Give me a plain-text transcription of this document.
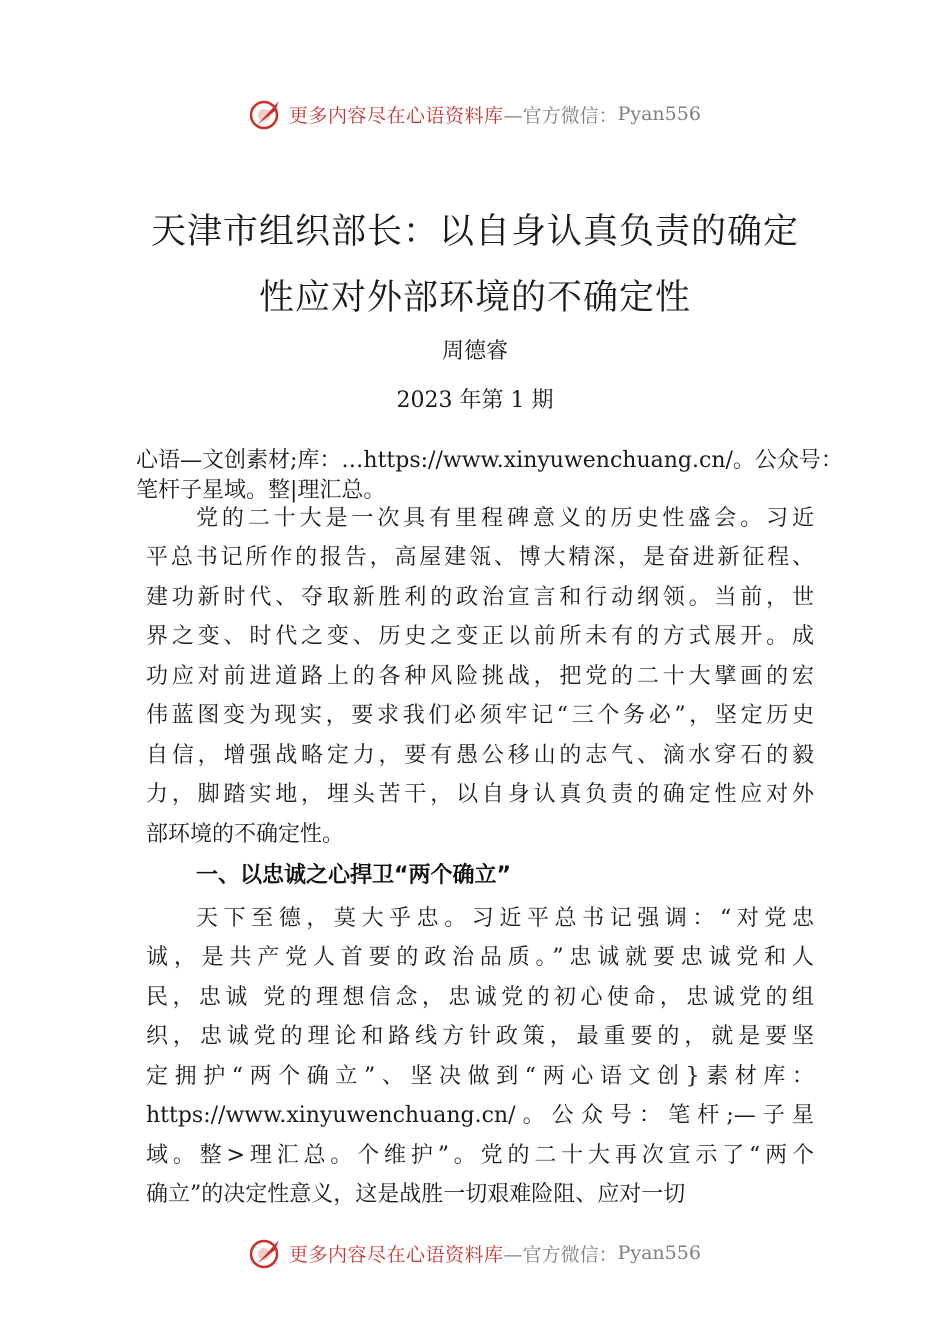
更多内容尽在心语资料库 —官方微信： Pyan556
天津市组织部长：以自身认真负责的确定
性应对外部环境的不确定性
周德睿
2023 年第 1 期
心语—文创素材;库：…https://www.xinyuwenchuang.cn/。公众号：笔杆子星域。整|理汇总。
党的二十大是一次具有里程碑意义的历史性盛会。习近
平总书记所作的报告，高屋建瓴、博大精深，是奋进新征程、
建功新时代、夺取新胜利的政治宣言和行动纲领。当前，世
界之变、时代之变、历史之变正以前所未有的方式展开。成
功应对前进道路上的各种风险挑战，把党的二十大擘画的宏
伟蓝图变为现实，要求我们必须牢记“三个务必”，坚定历史
自信，增强战略定力，要有愚公移山的志气、滴水穿石的毅
力，脚踏实地，埋头苦干，以自身认真负责的确定性应对外
部环境的不确定性。
一、以忠诚之心捍卫“两个确立”
天下至德，莫大乎忠。习近平总书记强调：“对党忠
诚，是共产党人首要的政治品质。”忠诚就要忠诚党和人
民，忠诚 党的理想信念，忠诚党的初心使命，忠诚党的组
织，忠诚党的理论和路线方针政策，最重要的，就是要坚
定拥护“两个确立”、坚决做到“两心语文创}素材库：
https://www.xinyuwenchuang.cn/。公众号：笔杆;—子星
域。整>理汇总。个维护”。党的二十大再次宣示了“两个
确立”的决定性意义，这是战胜一切艰难险阻、应对一切
更多内容尽在心语资料库 —官方微信： Pyan556
